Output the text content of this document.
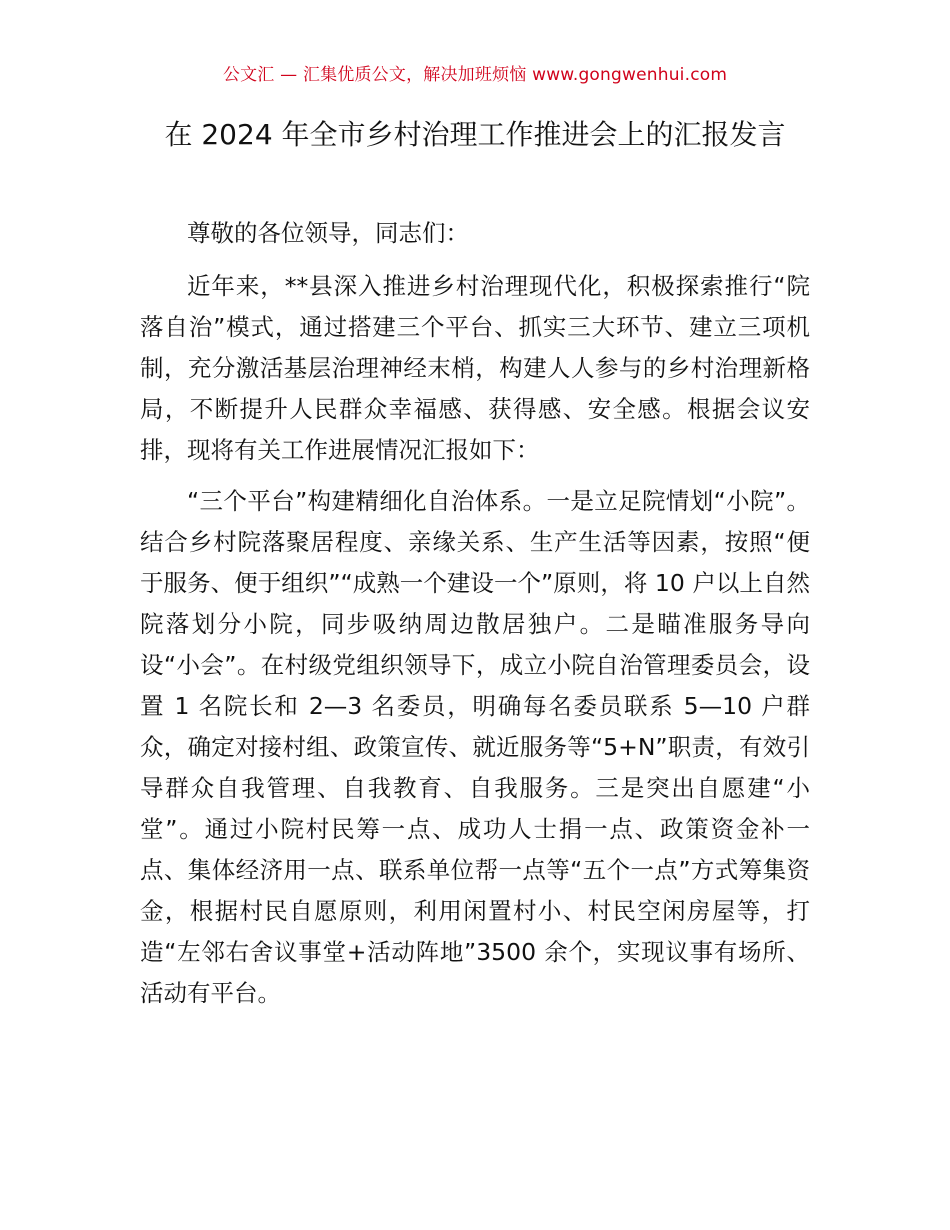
公文汇 — 汇集优质公文，解决加班烦恼 www.gongwenhui.com
在 2024 年全市乡村治理工作推进会上的汇报发言

尊敬的各位领导，同志们：

近年来，**县深入推进乡村治理现代化，积极探索推行“院落自治”模式，通过搭建三个平台、抓实三大环节、建立三项机制，充分激活基层治理神经末梢，构建人人参与的乡村治理新格局，不断提升人民群众幸福感、获得感、安全感。根据会议安排，现将有关工作进展情况汇报如下：

“三个平台”构建精细化自治体系。一是立足院情划“小院”。结合乡村院落聚居程度、亲缘关系、生产生活等因素，按照“便于服务、便于组织”“成熟一个建设一个”原则，将 10 户以上自然院落划分小院，同步吸纳周边散居独户。二是瞄准服务导向设“小会”。在村级党组织领导下，成立小院自治管理委员会，设置 1 名院长和 2—3 名委员，明确每名委员联系 5—10 户群众，确定对接村组、政策宣传、就近服务等“5+N”职责，有效引导群众自我管理、自我教育、自我服务。三是突出自愿建“小堂”。通过小院村民筹一点、成功人士捐一点、政策资金补一点、集体经济用一点、联系单位帮一点等“五个一点”方式筹集资金，根据村民自愿原则，利用闲置村小、村民空闲房屋等，打造“左邻右舍议事堂+活动阵地”3500 余个，实现议事有场所、活动有平台。
